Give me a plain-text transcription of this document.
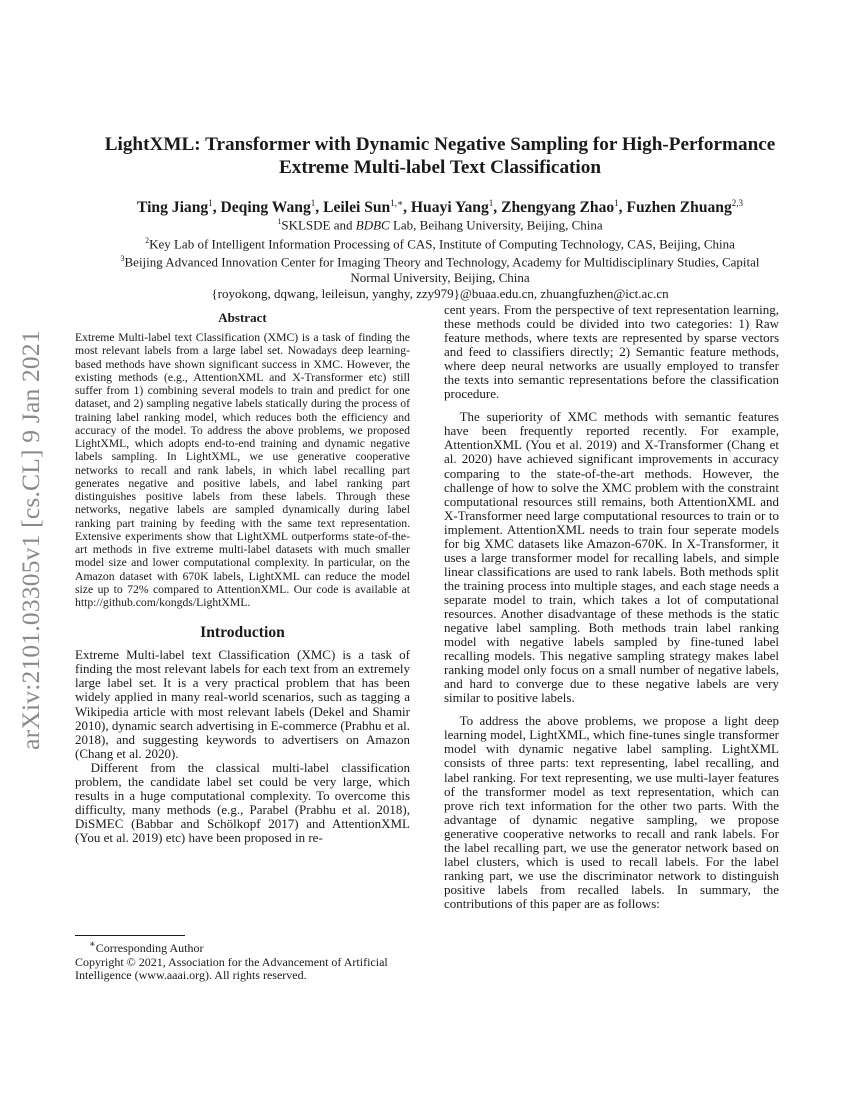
arXiv:2101.03305v1 [cs.CL] 9 Jan 2021
LightXML: Transformer with Dynamic Negative Sampling for High-Performance
Extreme Multi-label Text Classification
Ting Jiang$^1$, Deqing Wang$^1$, Leilei Sun$^{1,∗}$, Huayi Yang$^1$, Zhengyang Zhao$^1$, Fuzhen Zhuang$^{2,3}$
$^1$SKLSDE and BDBC Lab, Beihang University, Beijing, China
$^2$Key Lab of Intelligent Information Processing of CAS, Institute of Computing Technology, CAS, Beijing, China
$^3$Beijing Advanced Innovation Center for Imaging Theory and Technology, Academy for Multidisciplinary Studies, Capital
Normal University, Beijing, China
{royokong, dqwang, leileisun, yanghy, zzy979}@buaa.edu.cn, zhuangfuzhen@ict.ac.cn
Abstract

Extreme Multi-label text Classification (XMC) is a task of finding the most relevant labels from a large label set. Nowadays deep learning-based methods have shown significant success in XMC. However, the existing methods (e.g., AttentionXML and X-Transformer etc) still suffer from 1) combining several models to train and predict for one dataset, and 2) sampling negative labels statically during the process of training label ranking model, which reduces both the efficiency and accuracy of the model. To address the above problems, we proposed LightXML, which adopts end-to-end training and dynamic negative labels sampling. In LightXML, we use generative cooperative networks to recall and rank labels, in which label recalling part generates negative and positive labels, and label ranking part distinguishes positive labels from these labels. Through these networks, negative labels are sampled dynamically during label ranking part training by feeding with the same text representation. Extensive experiments show that LightXML outperforms state-of-the-art methods in five extreme multi-label datasets with much smaller model size and lower computational complexity. In particular, on the Amazon dataset with 670K labels, LightXML can reduce the model size up to 72% compared to AttentionXML. Our code is available at http://github.com/kongds/LightXML.

Introduction

Extreme Multi-label text Classification (XMC) is a task of finding the most relevant labels for each text from an extremely large label set. It is a very practical problem that has been widely applied in many real-world scenarios, such as tagging a Wikipedia article with most relevant labels (Dekel and Shamir 2010), dynamic search advertising in E-commerce (Prabhu et al. 2018), and suggesting keywords to advertisers on Amazon (Chang et al. 2020).

Different from the classical multi-label classification problem, the candidate label set could be very large, which results in a huge computational complexity. To overcome this difficulty, many methods (e.g., Parabel (Prabhu et al. 2018), DiSMEC (Babbar and Schölkopf 2017) and AttentionXML (You et al. 2019) etc) have been proposed in re-

∗Corresponding Author

Copyright © 2021, Association for the Advancement of Artificial Intelligence (www.aaai.org). All rights reserved.

cent years. From the perspective of text representation learning, these methods could be divided into two categories: 1) Raw feature methods, where texts are represented by sparse vectors and feed to classifiers directly; 2) Semantic feature methods, where deep neural networks are usually employed to transfer the texts into semantic representations before the classification procedure.

The superiority of XMC methods with semantic features have been frequently reported recently. For example, AttentionXML (You et al. 2019) and X-Transformer (Chang et al. 2020) have achieved significant improvements in accuracy comparing to the state-of-the-art methods. However, the challenge of how to solve the XMC problem with the constraint computational resources still remains, both AttentionXML and X-Transformer need large computational resources to train or to implement. AttentionXML needs to train four seperate models for big XMC datasets like Amazon-670K. In X-Transformer, it uses a large transformer model for recalling labels, and simple linear classifications are used to rank labels. Both methods split the training process into multiple stages, and each stage needs a separate model to train, which takes a lot of computational resources. Another disadvantage of these methods is the static negative label sampling. Both methods train label ranking model with negative labels sampled by fine-tuned label recalling models. This negative sampling strategy makes label ranking model only focus on a small number of negative labels, and hard to converge due to these negative labels are very similar to positive labels.

To address the above problems, we propose a light deep learning model, LightXML, which fine-tunes single transformer model with dynamic negative label sampling. LightXML consists of three parts: text representing, label recalling, and label ranking. For text representing, we use multi-layer features of the transformer model as text representation, which can prove rich text information for the other two parts. With the advantage of dynamic negative sampling, we propose generative cooperative networks to recall and rank labels. For the label recalling part, we use the generator network based on label clusters, which is used to recall labels. For the label ranking part, we use the discriminator network to distinguish positive labels from recalled labels. In summary, the contributions of this paper are as follows:
